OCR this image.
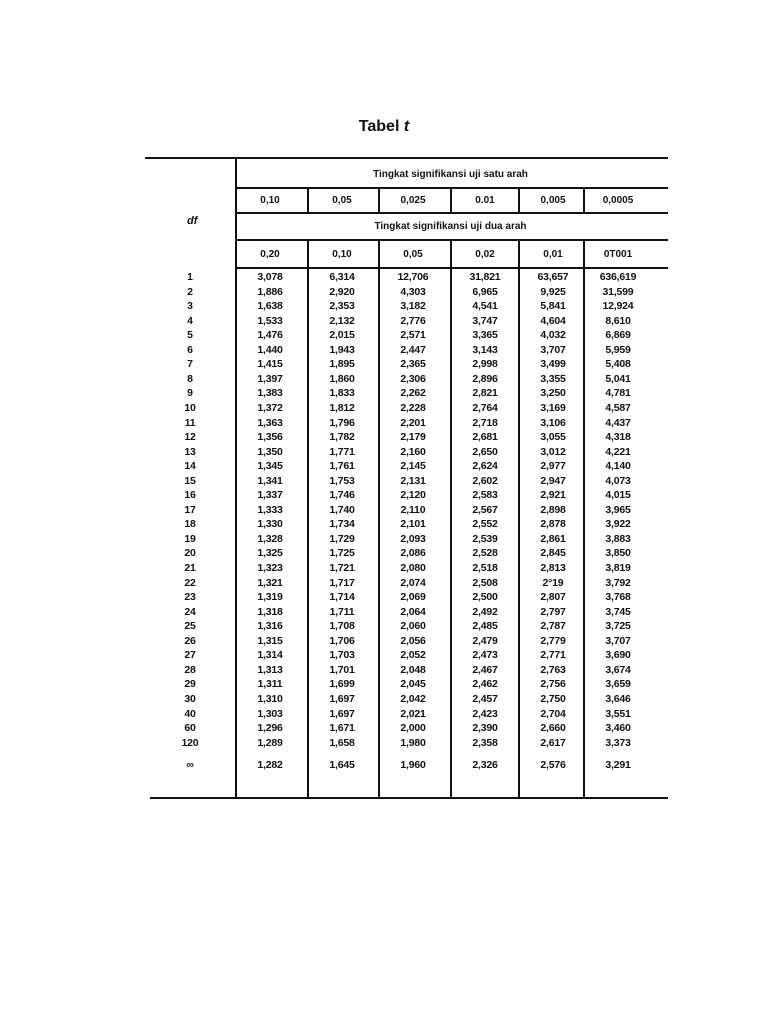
Tabel t
df
Tingkat signifikansi uji satu arah
Tingkat signifikansi uji dua arah
0,10	0,05	0,025	0.01	0,005	0,0005
0,20	0,10	0,05	0,02	0,01	0T001
1	3,078	6,314	12,706	31,821	63,657	636,619
2	1,886	2,920	4,303	6,965	9,925	31,599
3	1,638	2,353	3,182	4,541	5,841	12,924
4	1,533	2,132	2,776	3,747	4,604	8,610
5	1,476	2,015	2,571	3,365	4,032	6,869
6	1,440	1,943	2,447	3,143	3,707	5,959
7	1,415	1,895	2,365	2,998	3,499	5,408
8	1,397	1,860	2,306	2,896	3,355	5,041
9	1,383	1,833	2,262	2,821	3,250	4,781
10	1,372	1,812	2,228	2,764	3,169	4,587
11	1,363	1,796	2,201	2,718	3,106	4,437
12	1,356	1,782	2,179	2,681	3,055	4,318
13	1,350	1,771	2,160	2,650	3,012	4,221
14	1,345	1,761	2,145	2,624	2,977	4,140
15	1,341	1,753	2,131	2,602	2,947	4,073
16	1,337	1,746	2,120	2,583	2,921	4,015
17	1,333	1,740	2,110	2,567	2,898	3,965
18	1,330	1,734	2,101	2,552	2,878	3,922
19	1,328	1,729	2,093	2,539	2,861	3,883
20	1,325	1,725	2,086	2,528	2,845	3,850
21	1,323	1,721	2,080	2,518	2,813	3,819
22	1,321	1,717	2,074	2,508	2°19	3,792
23	1,319	1,714	2,069	2,500	2,807	3,768
24	1,318	1,711	2,064	2,492	2,797	3,745
25	1,316	1,708	2,060	2,485	2,787	3,725
26	1,315	1,706	2,056	2,479	2,779	3,707
27	1,314	1,703	2,052	2,473	2,771	3,690
28	1,313	1,701	2,048	2,467	2,763	3,674
29	1,311	1,699	2,045	2,462	2,756	3,659
30	1,310	1,697	2,042	2,457	2,750	3,646
40	1,303	1,697	2,021	2,423	2,704	3,551
60	1,296	1,671	2,000	2,390	2,660	3,460
120	1,289	1,658	1,980	2,358	2,617	3,373
∞	1,282	1,645	1,960	2,326	2,576	3,291
